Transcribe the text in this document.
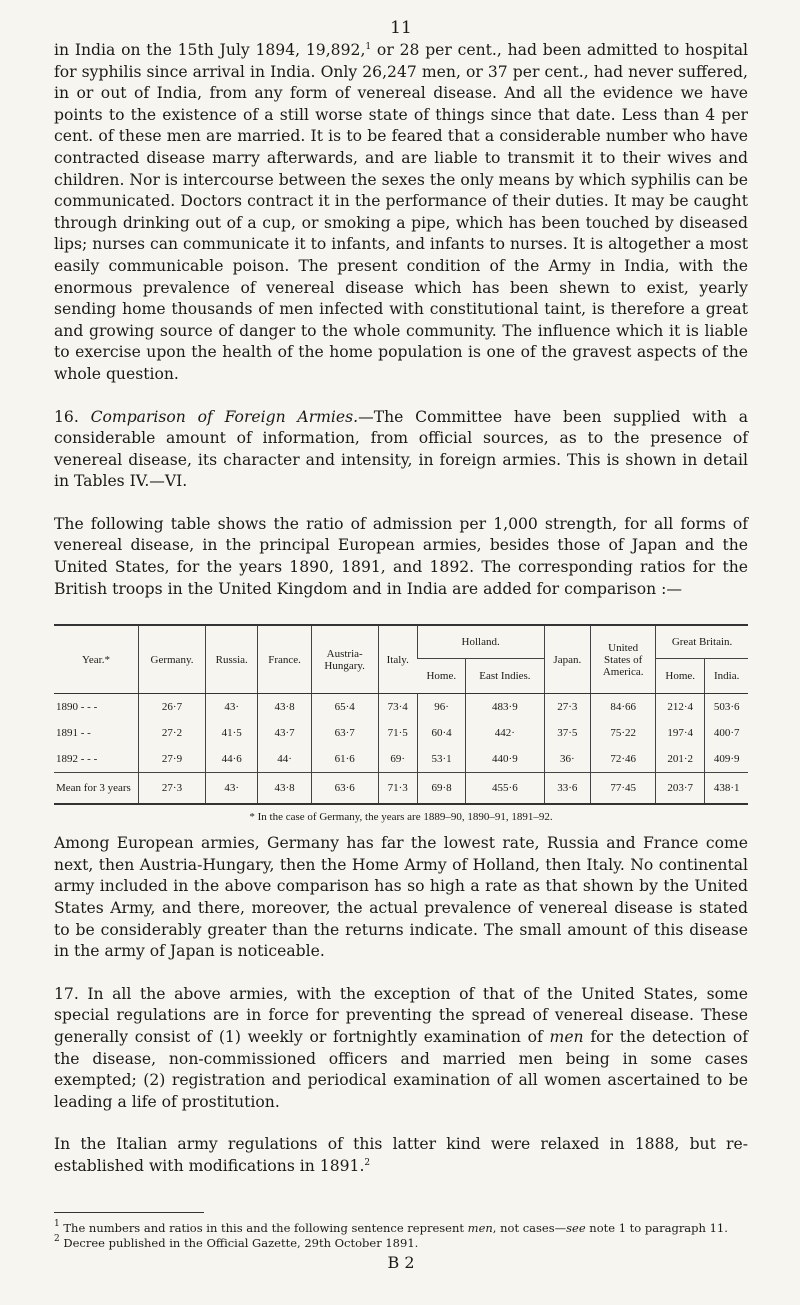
11

in India on the 15th July 1894, 19,892,$^1$ or 28 per cent., had been admitted to hospital for syphilis since arrival in India. Only 26,247 men, or 37 per cent., had never suffered, in or out of India, from any form of venereal disease. And all the evidence we have points to the existence of a still worse state of things since that date. Less than 4 per cent. of these men are married. It is to be feared that a considerable number who have contracted disease marry afterwards, and are liable to transmit it to their wives and children. Nor is intercourse between the sexes the only means by which syphilis can be communicated. Doctors contract it in the performance of their duties. It may be caught through drinking out of a cup, or smoking a pipe, which has been touched by diseased lips; nurses can communicate it to infants, and infants to nurses. It is altogether a most easily communicable poison. The present condition of the Army in India, with the enormous prevalence of venereal disease which has been shewn to exist, yearly sending home thousands of men infected with constitutional taint, is therefore a great and growing source of danger to the whole community. The influence which it is liable to exercise upon the health of the home population is one of the gravest aspects of the whole question.

16. Comparison of Foreign Armies.—The Committee have been supplied with a considerable amount of information, from official sources, as to the presence of venereal disease, its character and intensity, in foreign armies. This is shown in detail in Tables IV.—VI.

The following table shows the ratio of admission per 1,000 strength, for all forms of venereal disease, in the principal European armies, besides those of Japan and the United States, for the years 1890, 1891, and 1892. The corresponding ratios for the British troops in the United Kingdom and in India are added for comparison :—

Year.*	Germany.	Russia.	France.	Austria-Hungary.	Italy.	Holland.		Japan.	United States of America.	Great Britain.	
						Home.	East Indies.			Home.	India.
1890 - - -	26·7	43·	43·8	65·4	73·4	96·	483·9	27·3	84·66	212·4	503·6
1891 - -	27·2	41·5	43·7	63·7	71·5	60·4	442·	37·5	75·22	197·4	400·7
1892 - - -	27·9	44·6	44·	61·6	69·	53·1	440·9	36·	72·46	201·2	409·9
Mean for 3 years	27·3	43·	43·8	63·6	71·3	69·8	455·6	33·6	77·45	203·7	438·1
* In the case of Germany, the years are 1889–90, 1890–91, 1891–92.

Among European armies, Germany has far the lowest rate, Russia and France come next, then Austria-Hungary, then the Home Army of Holland, then Italy. No continental army included in the above comparison has so high a rate as that shown by the United States Army, and there, moreover, the actual prevalence of venereal disease is stated to be considerably greater than the returns indicate. The small amount of this disease in the army of Japan is noticeable.

17. In all the above armies, with the exception of that of the United States, some special regulations are in force for preventing the spread of venereal disease. These generally consist of (1) weekly or fortnightly examination of men for the detection of the disease, non-commissioned officers and married men being in some cases exempted; (2) registration and periodical examination of all women ascertained to be leading a life of prostitution.

In the Italian army regulations of this latter kind were relaxed in 1888, but re-established with modifications in 1891.$^2$

$^1$ The numbers and ratios in this and the following sentence represent men, not cases—see note 1 to paragraph 11.

$^2$ Decree published in the Official Gazette, 29th October 1891.

B 2
